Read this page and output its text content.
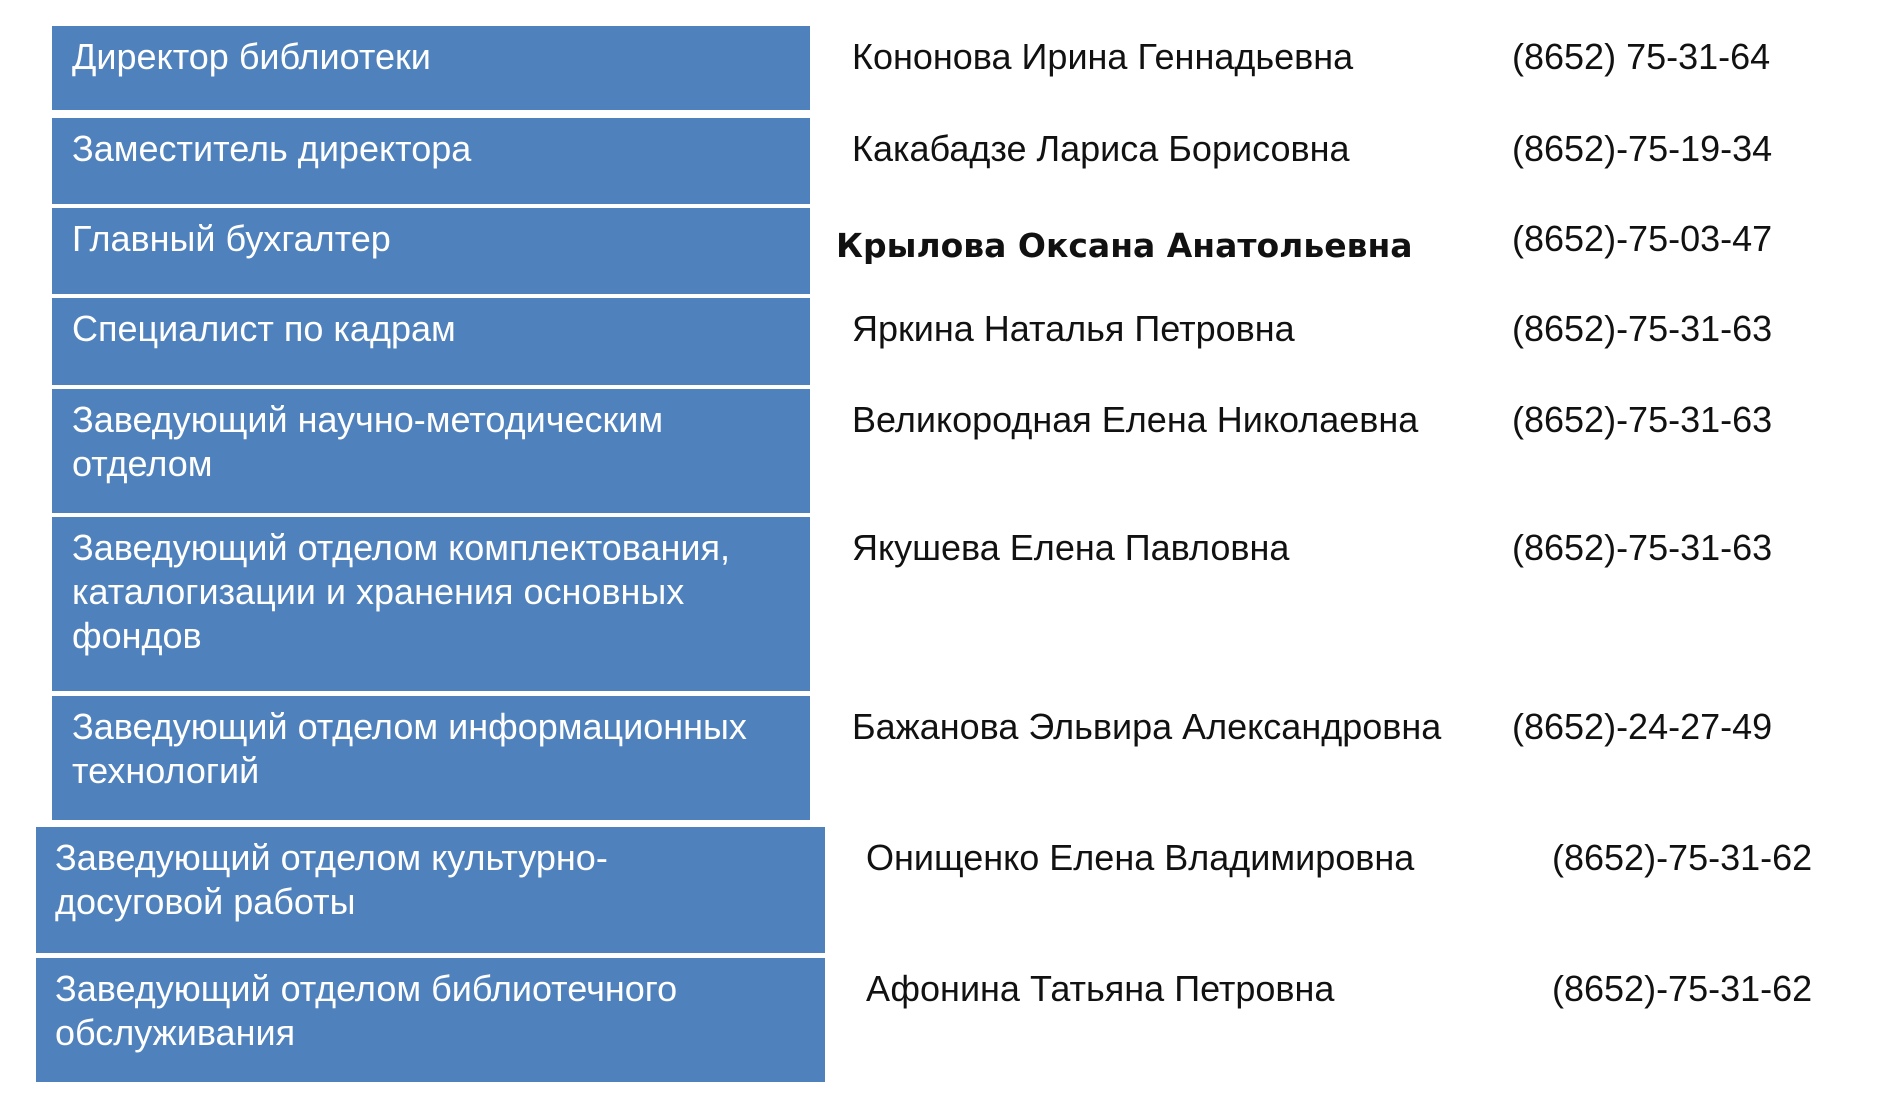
Директор библиотеки	Кононова Ирина Геннадьевна	(8652) 75-31-64
Заместитель директора	Какабадзе Лариса Борисовна	(8652)-75-19-34
Главный бухгалтер	Крылова Оксана Анатольевна	(8652)-75-03-47
Специалист по кадрам	Яркина Наталья Петровна	(8652)-75-31-63
Заведующий научно-методическим
отделом
Великородная Елена Николаевна	(8652)-75-31-63
Заведующий отделом комплектования,
каталогизации и хранения основных
фондов
Якушева Елена Павловна	(8652)-75-31-63
Заведующий отделом информационных
технологий
Бажанова Эльвира Александровна (8652)-24-27-49
Заведующий отделом культурно-
досуговой работы
Онищенко Елена Владимировна	(8652)-75-31-62
Заведующий отделом библиотечного
обслуживания
Афонина Татьяна Петровна	(8652)-75-31-62
